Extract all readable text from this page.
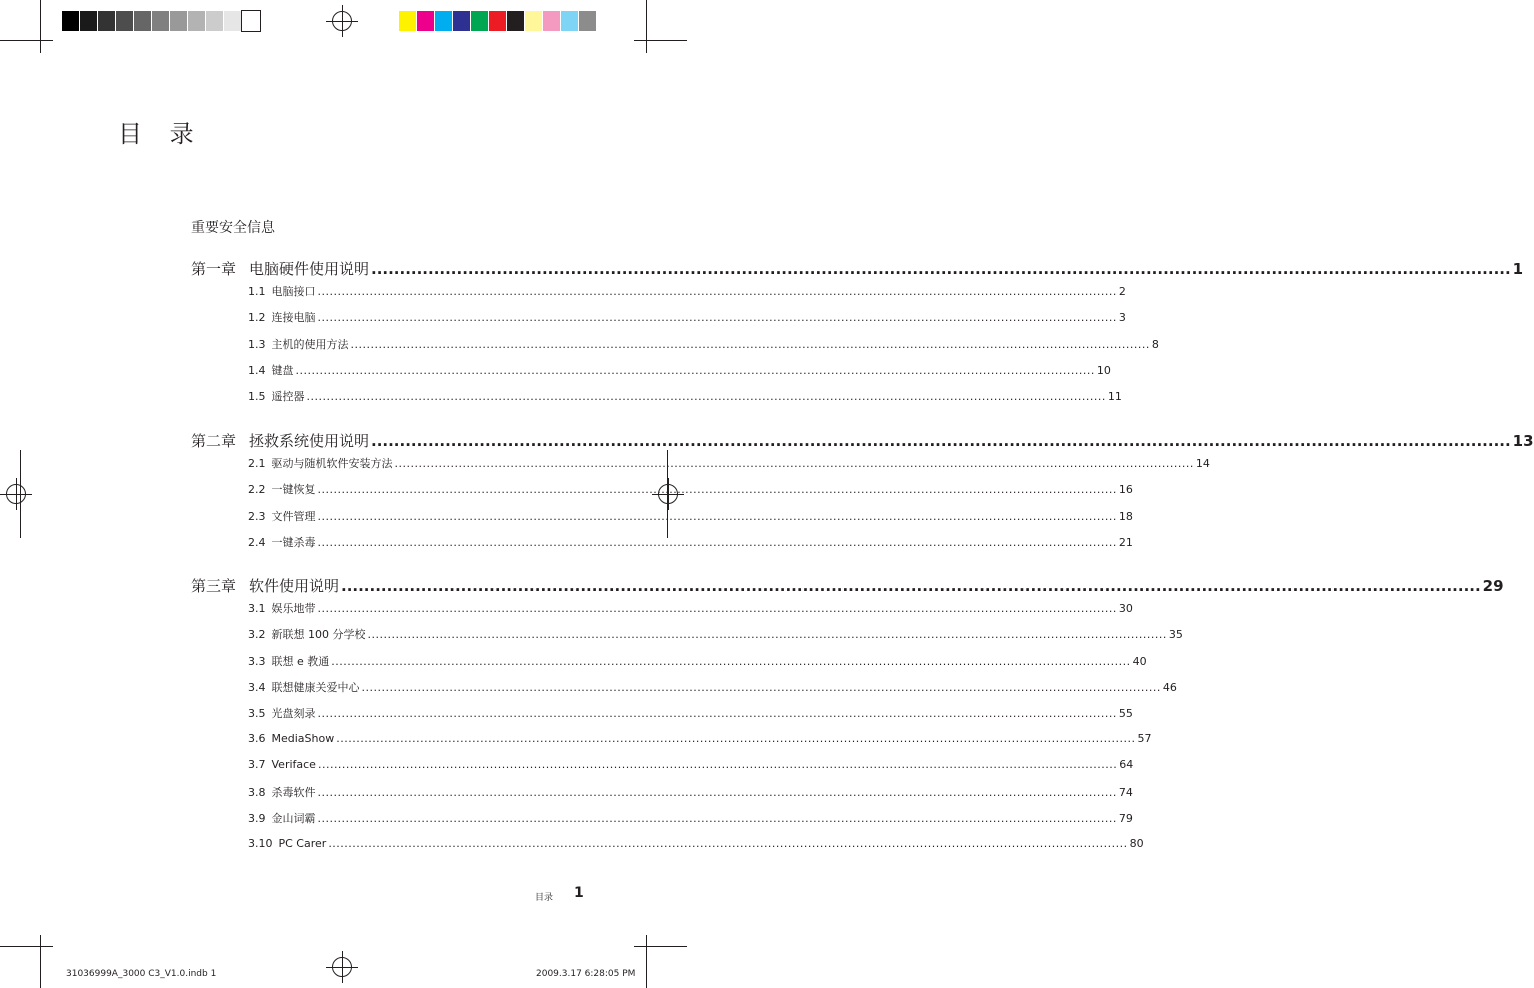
目 录
重要安全信息
第一章 电脑硬件使用说明 ........................................................................................................................................................................................................ 1
1.1 电脑接口 ........................................................................................................................................................................................................ 2
1.2 连接电脑 ........................................................................................................................................................................................................ 3
1.3 主机的使用方法 ........................................................................................................................................................................................................ 8
1.4 键盘 ........................................................................................................................................................................................................ 10
1.5 遥控器 ........................................................................................................................................................................................................ 11
第二章 拯救系统使用说明 ........................................................................................................................................................................................................ 13
2.1 驱动与随机软件安装方法 ........................................................................................................................................................................................................ 14
2.2 一键恢复 ........................................................................................................................................................................................................ 16
2.3 文件管理 ........................................................................................................................................................................................................ 18
2.4 一键杀毒 ........................................................................................................................................................................................................ 21
第三章 软件使用说明 ........................................................................................................................................................................................................ 29
3.1 娱乐地带 ........................................................................................................................................................................................................ 30
3.2 新联想 100 分学校 ........................................................................................................................................................................................................ 35
3.3 联想 e 教通 ........................................................................................................................................................................................................ 40
3.4 联想健康关爱中心 ........................................................................................................................................................................................................ 46
3.5 光盘刻录 ........................................................................................................................................................................................................ 55
3.6 MediaShow ........................................................................................................................................................................................................ 57
3.7 Veriface ........................................................................................................................................................................................................ 64
3.8 杀毒软件 ........................................................................................................................................................................................................ 74
3.9 金山词霸 ........................................................................................................................................................................................................ 79
3.10 PC Carer ........................................................................................................................................................................................................ 80
目录 1
31036999A_3000 C3_V1.0.indb 1	2009.3.17 6:28:05 PM
